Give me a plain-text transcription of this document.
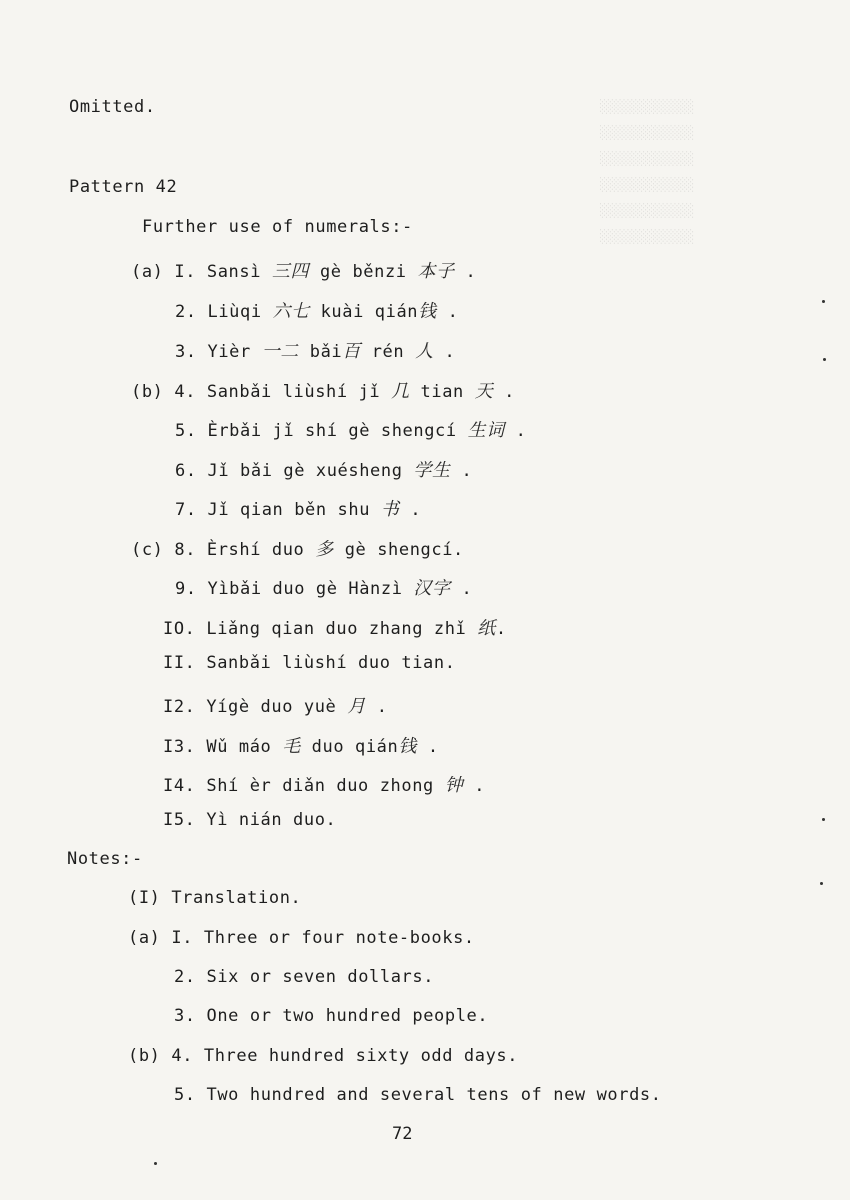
░░░░░░░░░░░░
░░░░░░░░░░░░
░░░░░░░░░░░░
░░░░░░░░░░░░
░░░░░░░░░░░░
░░░░░░░░░░░░
Omitted.
Pattern 42
Further use of numerals:-
(a) I. Sansì 三四 gè běnzi 本子 .
2. Liùqi 六七 kuài qián钱 .
3. Yièr 一二 bǎi百 rén 人 .
(b) 4. Sanbǎi liùshí jǐ 几 tian 天 .
5. Èrbǎi jǐ shí gè shengcí 生词 .
6. Jǐ bǎi gè xuésheng 学生 .
7. Jǐ qian běn shu 书 .
(c) 8. Èrshí duo 多 gè shengcí.
9. Yìbǎi duo gè Hànzì 汉字 .
IO. Liǎng qian duo zhang zhǐ 纸.
II. Sanbǎi liùshí duo tian.
I2. Yígè duo yuè 月 .
I3. Wǔ máo 毛 duo qián钱 .
I4. Shí èr diǎn duo zhong 钟 .
I5. Yì nián duo.
Notes:-
(I) Translation.
(a) I. Three or four note-books.
2. Six or seven dollars.
3. One or two hundred people.
(b) 4. Three hundred sixty odd days.
5. Two hundred and several tens of new words.
72
